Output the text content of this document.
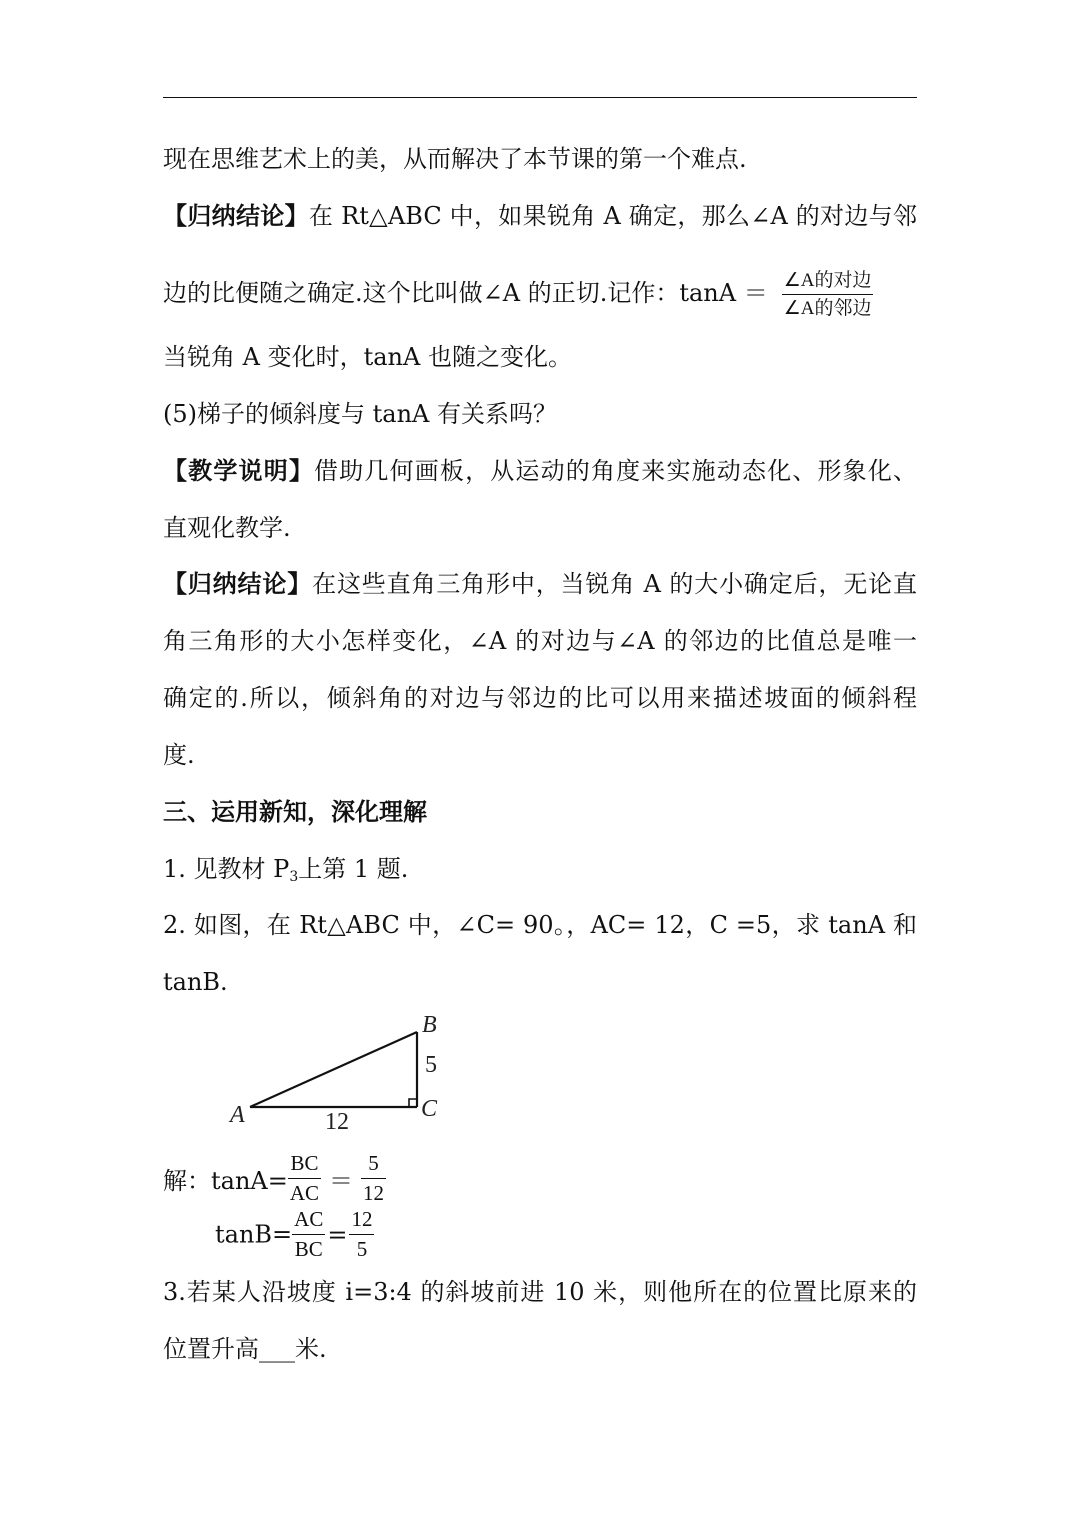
现在思维艺术上的美，从而解决了本节课的第一个难点.
【归纳结论】在 Rt△ABC 中，如果锐角 A 确定，那么∠A 的对边与邻
边的比便随之确定.这个比叫做∠A 的正切.记作：$\tan A = \frac{\text{∠A的对边}}{\text{∠A的邻边}}$
当锐角 A 变化时，tanA 也随之变化。
(5)梯子的倾斜度与 tanA 有关系吗？
【教学说明】借助几何画板，从运动的角度来实施动态化、形象化、
直观化教学.
【归纳结论】在这些直角三角形中，当锐角 A 的大小确定后，无论直
角三角形的大小怎样变化，∠A 的对边与∠A 的邻边的比值总是唯一
确定的.所以，倾斜角的对边与邻边的比可以用来描述坡面的倾斜程
度.
三、运用新知，深化理解
1. 见教材 $P_3$上第 1 题.
2. 如图，在 Rt△ABC 中，∠C= 90。，AC= 12，C =5，求 tanA 和
tanB.
A
B
C
12
5
解：$\tan A= \frac{BC}{AC} = \frac{5}{12}$
$\tan B= \frac{AC}{BC} = \frac{12}{5}$
3.若某人沿坡度 i=3:4 的斜坡前进 10 米，则他所在的位置比原来的
位置升高___米.
